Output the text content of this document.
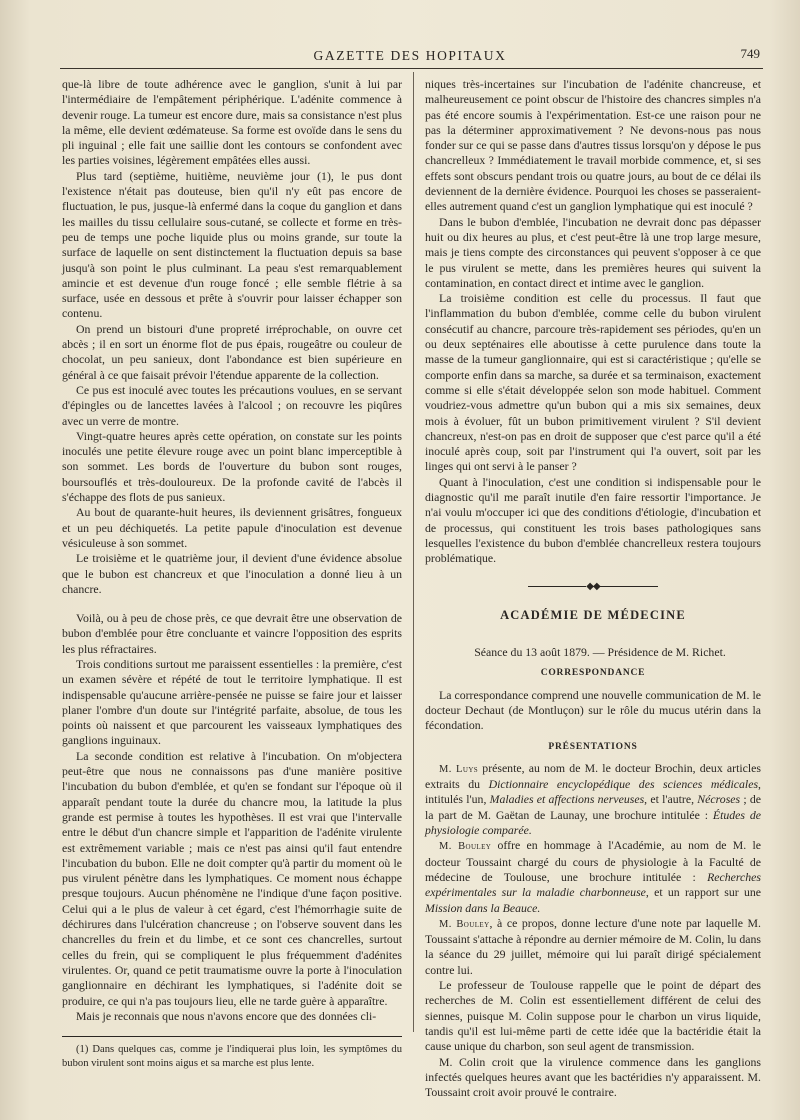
GAZETTE DES HOPITAUX	749

que-là libre de toute adhérence avec le ganglion, s'unit à lui par l'intermédiaire de l'empâtement périphérique. L'adénite commence à devenir rouge. La tumeur est encore dure, mais sa consistance n'est plus la même, elle devient œdémateuse. Sa forme est ovoïde dans le sens du pli inguinal ; elle fait une saillie dont les contours se confondent avec les parties voisines, légèrement empâtées elles aussi.

Plus tard (septième, huitième, neuvième jour (1), le pus dont l'existence n'était pas douteuse, bien qu'il n'y eût pas encore de fluctuation, le pus, jusque-là enfermé dans la coque du ganglion et dans les mailles du tissu cellulaire sous-cutané, se collecte et forme en très-peu de temps une poche liquide plus ou moins grande, sur toute la surface de laquelle on sent distinctement la fluctuation depuis sa base jusqu'à son point le plus culminant. La peau s'est remarquablement amincie et est devenue d'un rouge foncé ; elle semble flétrie à sa surface, usée en dessous et prête à s'ouvrir pour laisser échapper son contenu.

On prend un bistouri d'une propreté irréprochable, on ouvre cet abcès ; il en sort un énorme flot de pus épais, rougeâtre ou couleur de chocolat, un peu sanieux, dont l'abondance est bien supérieure en général à ce que faisait prévoir l'étendue apparente de la collection.

Ce pus est inoculé avec toutes les précautions voulues, en se servant d'épingles ou de lancettes lavées à l'alcool ; on recouvre les piqûres avec un verre de montre.

Vingt-quatre heures après cette opération, on constate sur les points inoculés une petite élevure rouge avec un point blanc imperceptible à son sommet. Les bords de l'ouverture du bubon sont rouges, boursouflés et très-douloureux. De la profonde cavité de l'abcès il s'échappe des flots de pus sanieux.

Au bout de quarante-huit heures, ils deviennent grisâtres, fongueux et un peu déchiquetés. La petite papule d'inoculation est devenue vésiculeuse à son sommet.

Le troisième et le quatrième jour, il devient d'une évidence absolue que le bubon est chancreux et que l'inoculation a donné lieu à un chancre.

Voilà, ou à peu de chose près, ce que devrait être une observation de bubon d'emblée pour être concluante et vaincre l'opposition des esprits les plus réfractaires.

Trois conditions surtout me paraissent essentielles : la première, c'est un examen sévère et répété de tout le territoire lymphatique. Il est indispensable qu'aucune arrière-pensée ne puisse se faire jour et laisser planer l'ombre d'un doute sur l'intégrité parfaite, absolue, de tous les points où naissent et que parcourent les vaisseaux lymphatiques des ganglions inguinaux.

La seconde condition est relative à l'incubation. On m'objectera peut-être que nous ne connaissons pas d'une manière positive l'incubation du bubon d'emblée, et qu'en se fondant sur l'époque où il apparaît pendant toute la durée du chancre mou, la latitude la plus grande est permise à toutes les hypothèses. Il est vrai que l'intervalle entre le début d'un chancre simple et l'apparition de l'adénite virulente est extrêmement variable ; mais ce n'est pas ainsi qu'il faut entendre l'incubation du bubon. Elle ne doit compter qu'à partir du moment où le pus virulent pénètre dans les lymphatiques. Ce moment nous échappe presque toujours. Aucun phénomène ne l'indique d'une façon positive. Celui qui a le plus de valeur à cet égard, c'est l'hémorrhagie suite de déchirures dans l'ulcération chancreuse ; on l'observe souvent dans les chancrelles du frein et du limbe, et ce sont ces chancrelles, surtout celles du frein, qui se compliquent le plus fréquemment d'adénites virulentes. Or, quand ce petit traumatisme ouvre la porte à l'inoculation ganglionnaire en déchirant les lymphatiques, si l'adénite doit se produire, ce qui n'a pas toujours lieu, elle ne tarde guère à apparaître.

Mais je reconnais que nous n'avons encore que des données cli-

(1) Dans quelques cas, comme je l'indiquerai plus loin, les symptômes du bubon virulent sont moins aigus et sa marche est plus lente.

niques très-incertaines sur l'incubation de l'adénite chancreuse, et malheureusement ce point obscur de l'histoire des chancres simples n'a pas été encore soumis à l'expérimentation. Est-ce une raison pour ne pas la déterminer approximativement ? Ne devons-nous pas nous fonder sur ce qui se passe dans d'autres tissus lorsqu'on y dépose le pus chancrelleux ? Immédiatement le travail morbide commence, et, si ses effets sont obscurs pendant trois ou quatre jours, au bout de ce délai ils deviennent de la dernière évidence. Pourquoi les choses se passeraient-elles autrement quand c'est un ganglion lymphatique qui est inoculé ?

Dans le bubon d'emblée, l'incubation ne devrait donc pas dépasser huit ou dix heures au plus, et c'est peut-être là une trop large mesure, mais je tiens compte des circonstances qui peuvent s'opposer à ce que le pus virulent se mette, dans les premières heures qui suivent la contamination, en contact direct et intime avec le ganglion.

La troisième condition est celle du processus. Il faut que l'inflammation du bubon d'emblée, comme celle du bubon virulent consécutif au chancre, parcoure très-rapidement ses périodes, qu'en un ou deux septénaires elle aboutisse à cette purulence dans toute la masse de la tumeur ganglionnaire, qui est si caractéristique ; qu'elle se comporte enfin dans sa marche, sa durée et sa terminaison, exactement comme si elle s'était développée selon son mode habituel. Comment voudriez-vous admettre qu'un bubon qui a mis six semaines, deux mois à évoluer, fût un bubon primitivement virulent ? S'il devient chancreux, n'est-on pas en droit de supposer que c'est parce qu'il a été inoculé après coup, soit par l'instrument qui l'a ouvert, soit par les linges qui ont servi à le panser ?

Quant à l'inoculation, c'est une condition si indispensable pour le diagnostic qu'il me paraît inutile d'en faire ressortir l'importance. Je n'ai voulu m'occuper ici que des conditions d'étiologie, d'incubation et de processus, qui constituent les trois bases pathologiques sans lesquelles l'existence du bubon d'emblée chancrelleux restera toujours problématique.

◆◆
ACADÉMIE DE MÉDECINE

Séance du 13 août 1879. — Présidence de M. Richet.

CORRESPONDANCE

La correspondance comprend une nouvelle communication de M. le docteur Dechaut (de Montluçon) sur le rôle du mucus utérin dans la fécondation.

PRÉSENTATIONS

M. Luys présente, au nom de M. le docteur Brochin, deux articles extraits du Dictionnaire encyclopédique des sciences médicales, intitulés l'un, Maladies et affections nerveuses, et l'autre, Nécroses ; de la part de M. Gaëtan de Launay, une brochure intitulée : Études de physiologie comparée.

M. Bouley offre en hommage à l'Académie, au nom de M. le docteur Toussaint chargé du cours de physiologie à la Faculté de médecine de Toulouse, une brochure intitulée : Recherches expérimentales sur la maladie charbonneuse, et un rapport sur une Mission dans la Beauce.

M. Bouley, à ce propos, donne lecture d'une note par laquelle M. Toussaint s'attache à répondre au dernier mémoire de M. Colin, lu dans la séance du 29 juillet, mémoire qui lui paraît dirigé spécialement contre lui.

Le professeur de Toulouse rappelle que le point de départ des recherches de M. Colin est essentiellement différent de celui des siennes, puisque M. Colin suppose pour le charbon un virus liquide, tandis qu'il est lui-même parti de cette idée que la bactéridie était la cause unique du charbon, son seul agent de transmission.

M. Colin croit que la virulence commence dans les ganglions infectés quelques heures avant que les bactéridies n'y apparaissent. M. Toussaint croit avoir prouvé le contraire.
